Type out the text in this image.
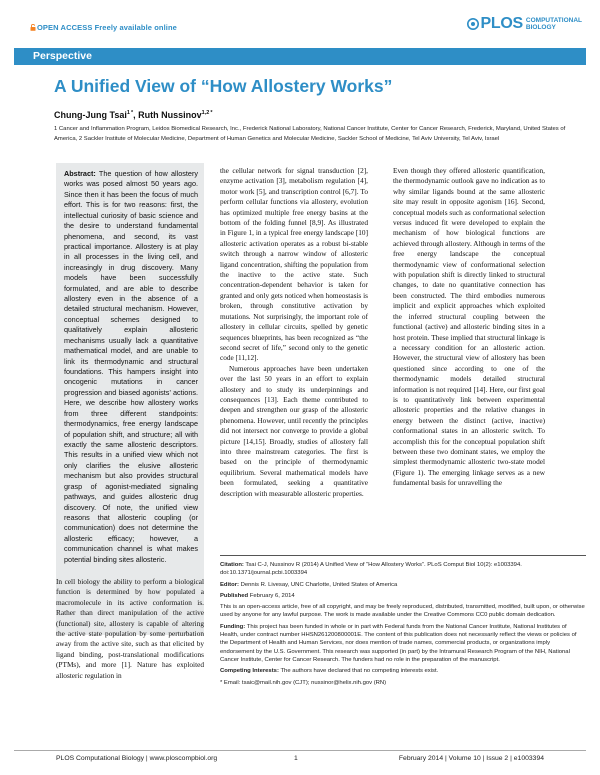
OPEN ACCESS Freely available online	PLOS COMPUTATIONAL
BIOLOGY
Perspective
A Unified View of “How Allostery Works”
Chung-Jung Tsai$^{1 *}$, Ruth Nussinov$^{1,2 *}$
1 Cancer and Inflammation Program, Leidos Biomedical Research, Inc., Frederick National Laboratory, National Cancer Institute, Center for Cancer Research, Frederick, Maryland, United States of America, 2 Sackler Institute of Molecular Medicine, Department of Human Genetics and Molecular Medicine, Sackler School of Medicine, Tel Aviv University, Tel Aviv, Israel
Abstract: The question of how allostery works was posed almost 50 years ago. Since then it has been the focus of much effort. This is for two reasons: first, the intellectual curiosity of basic science and the desire to understand fundamental phenomena, and second, its vast practical importance. Allostery is at play in all processes in the living cell, and increasingly in drug discovery. Many models have been successfully formulated, and are able to describe allostery even in the absence of a detailed structural mechanism. However, conceptual schemes designed to qualitatively explain allosteric mechanisms usually lack a quantitative mathematical model, and are unable to link its thermodynamic and structural foundations. This hampers insight into oncogenic mutations in cancer progression and biased agonists’ actions. Here, we describe how allostery works from three different standpoints: thermodynamics, free energy landscape of population shift, and structure; all with exactly the same allosteric descriptors. This results in a unified view which not only clarifies the elusive allosteric mechanism but also provides structural grasp of agonist-mediated signaling pathways, and guides allosteric drug discovery. Of note, the unified view reasons that allosteric coupling (or communication) does not determine the allosteric efficacy; however, a communication channel is what makes potential binding sites allosteric.

In cell biology the ability to perform a biological function is determined by how populated a macromolecule in its active conformation is. Rather than direct manipulation of the active (functional) site, allostery is capable of altering the active state population by some perturbation away from the active site, such as that elicited by ligand binding, post-translational modifications (PTMs), and more [1]. Nature has exploited allosteric regulation in

the cellular network for signal transduction [2], enzyme activation [3], metabolism regulation [4], motor work [5], and transcription control [6,7]. To perform cellular functions via allostery, evolution has optimized multiple free energy basins at the bottom of the folding funnel [8,9]. As illustrated in Figure 1, in a typical free energy landscape [10] allosteric activation operates as a robust bi-stable switch through a narrow window of allosteric ligand concentration, shifting the population from the inactive to the active state. Such concentration-dependent behavior is taken for granted and only gets noticed when homeostasis is broken, through constitutive activation by mutations. Not surprisingly, the important role of allostery in cellular circuits, spelled by genetic sequences blueprints, has been recognized as “the second secret of life,” second only to the genetic code [11,12].

Numerous approaches have been undertaken over the last 50 years in an effort to explain allostery and to study its underpinnings and consequences [13]. Each theme contributed to deepen and strengthen our grasp of the allosteric phenomena. However, until recently the principles did not intersect nor converge to provide a global picture [14,15]. Broadly, studies of allostery fall into three mainstream categories. The first is based on the principle of thermodynamic equilibrium. Several mathematical models have been formulated, seeking a quantitative description with measurable allosteric properties.

Even though they offered allosteric quantification, the thermodynamic outlook gave no indication as to why similar ligands bound at the same allosteric site may result in opposite agonism [16]. Second, conceptual models such as conformational selection versus induced fit were developed to explain the mechanism of how biological functions are achieved through allostery. Although in terms of the free energy landscape the conceptual thermodynamic view of conformational selection with population shift is directly linked to structural changes, to date no quantitative connection has been constructed. The third embodies numerous implicit and explicit approaches which exploited the inferred structural coupling between the functional (active) and allosteric binding sites in a host protein. These implied that structural linkage is a necessary condition for an allosteric action. However, the structural view of allostery has been questioned since according to one of the thermodynamic models detailed structural information is not required [14]. Here, our first goal is to quantitatively link between experimental allosteric properties and the relative changes in energy between the distinct (active, inactive) conformational states in an allosteric switch. To accomplish this for the conceptual population shift between these two dominant states, we employ the simplest thermodynamic allosteric two-state model (Figure 1). The emerging linkage serves as a new fundamental basis for unravelling the

Citation: Tsai C-J, Nussinov R (2014) A Unified View of “How Allostery Works”. PLoS Comput Biol 10(2): e1003394. doi:10.1371/journal.pcbi.1003394
Editor: Dennis R. Livesay, UNC Charlotte, United States of America
Published February 6, 2014
This is an open-access article, free of all copyright, and may be freely reproduced, distributed, transmitted, modified, built upon, or otherwise used by anyone for any lawful purpose. The work is made available under the Creative Commons CC0 public domain dedication.
Funding: This project has been funded in whole or in part with Federal funds from the National Cancer Institute, National Institutes of Health, under contract number HHSN261200800001E. The content of this publication does not necessarily reflect the views or policies of the Department of Health and Human Services, nor does mention of trade names, commercial products, or organizations imply endorsement by the U.S. Government. This research was supported (in part) by the Intramural Research Program of the NIH, National Cancer Institute, Center for Cancer Research. The funders had no role in the preparation of the manuscript.
Competing Interests: The authors have declared that no competing interests exist.
* Email: tsaic@mail.nih.gov (CJT); nussinor@helix.nih.gov (RN)
PLOS Computational Biology | www.ploscompbiol.org	1	February 2014 | Volume 10 | Issue 2 | e1003394
